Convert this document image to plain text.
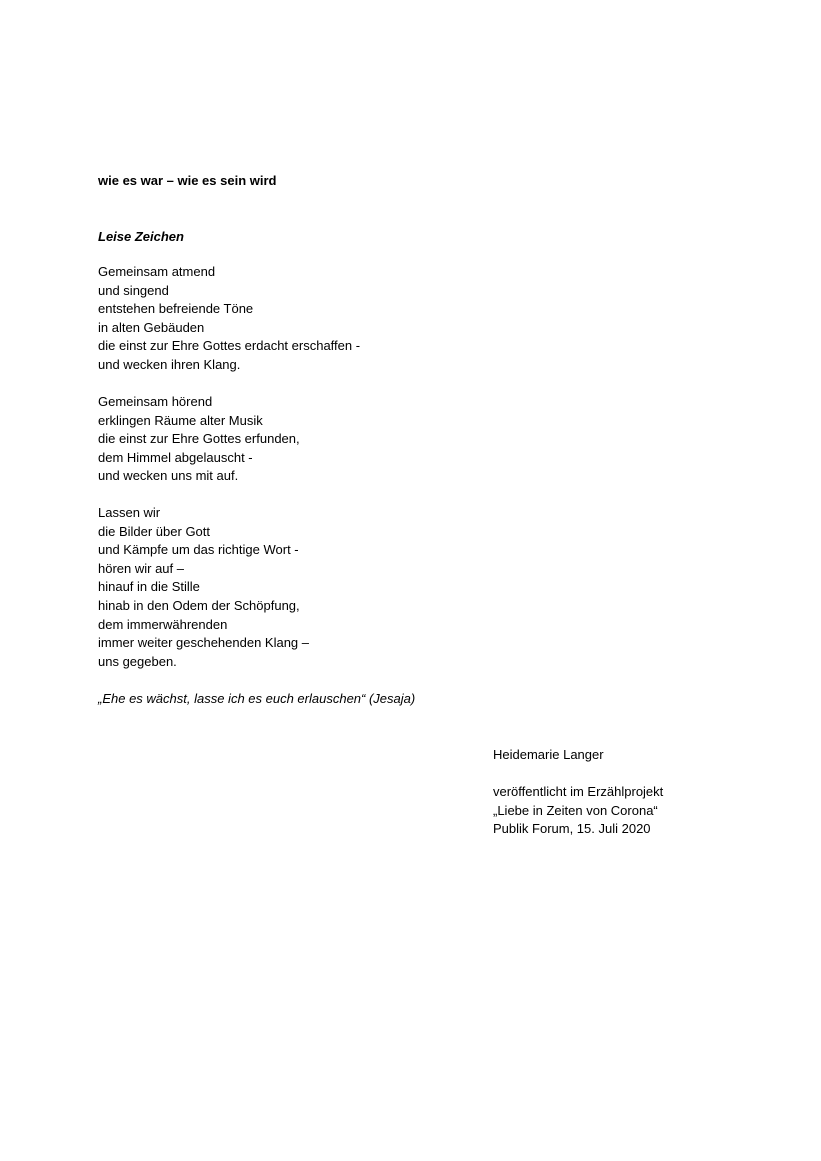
wie es war – wie es sein wird
Leise Zeichen
Gemeinsam atmend
und singend
entstehen befreiende Töne
in alten Gebäuden
die einst zur Ehre Gottes erdacht erschaffen -
und wecken ihren Klang.
Gemeinsam hörend
erklingen Räume alter Musik
die einst zur Ehre Gottes erfunden,
dem Himmel abgelauscht -
und wecken uns mit auf.
Lassen wir
die Bilder über Gott
und Kämpfe um das richtige Wort -
hören wir auf –
hinauf in die Stille
hinab in den Odem der Schöpfung,
dem immerwährenden
immer weiter geschehenden Klang –
uns gegeben.
„Ehe es wächst, lasse ich es euch erlauschen“ (Jesaja)
Heidemarie Langer
veröffentlicht im Erzählprojekt
„Liebe in Zeiten von Corona“
Publik Forum, 15. Juli 2020
